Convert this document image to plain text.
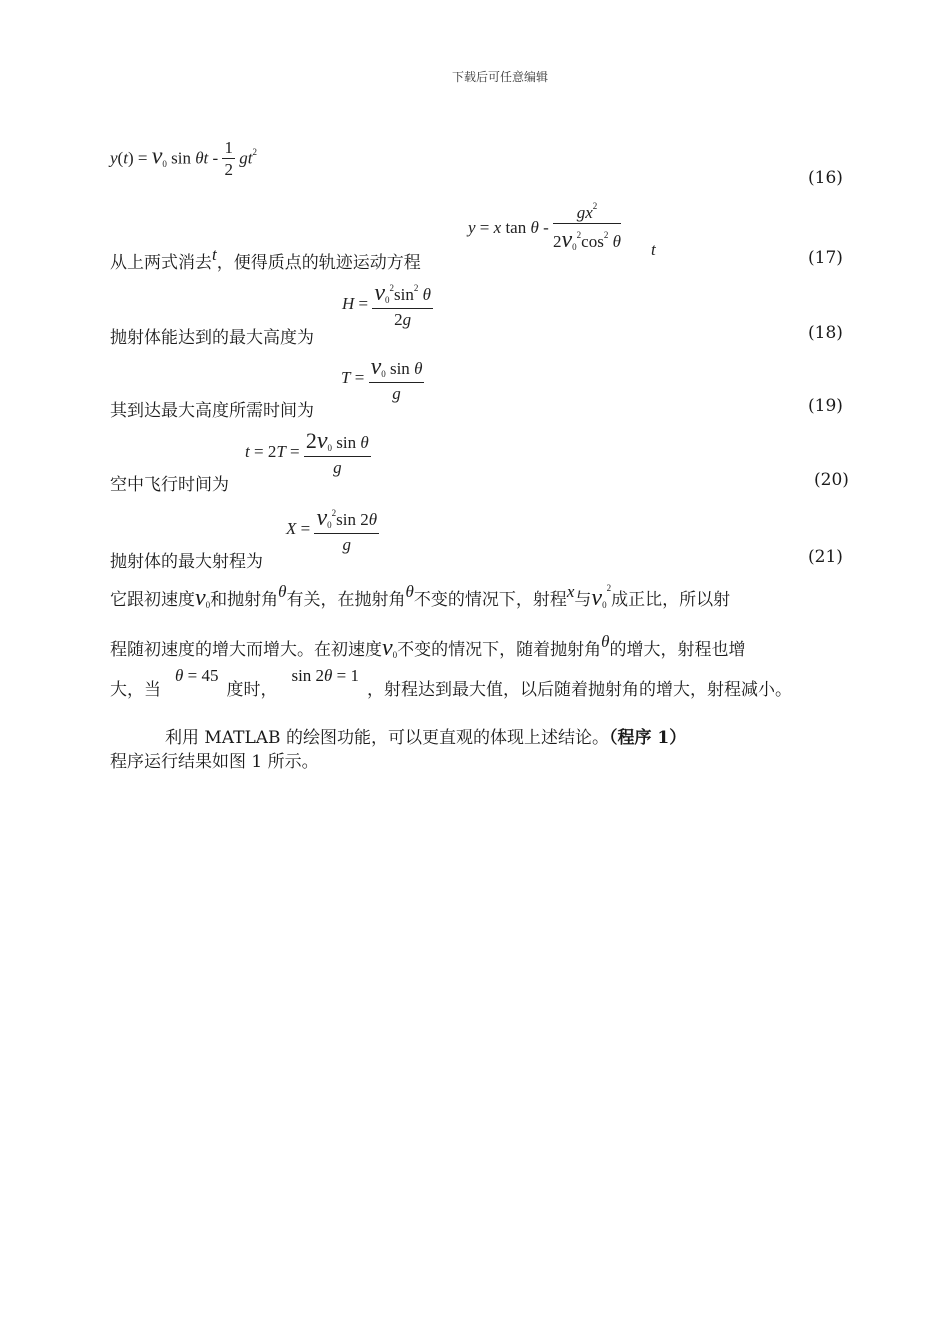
下载后可任意编辑
y(t) = v0 sin θt - $\frac{1}{2} gt^2$
(16)
y = x tan θ - $\frac{gx^2}{2v0^2\cos^2 \theta}$
从上两式消去t，便得质点的轨迹运动方程
t	(17)
$H = \frac{v0^2\sin^2 \theta}{2g}$
抛射体能达到的最大高度为	(18)
$T = \frac{\text{v0 sin θ}}{g}$
其到达最大高度所需时间为	(19)
$t = 2T = \frac{\text{2v0 sin θ}}{g}$
空中飞行时间为	(20)
$X = \frac{v0^2\sin 2\theta}{g}$
抛射体的最大射程为	(21)
它跟初速度v0和抛射角θ有关，在抛射角θ不变的情况下，射程x与$v0^2$成正比，所以射
程随初速度的增大而增大。在初速度v0不变的情况下，随着抛射角θ的增大，射程也增
大，当θ = 45度时，sin 2θ = 1，射程达到最大值，以后随着抛射角的增大，射程减小。
利用 MATLAB 的绘图功能，可以更直观的体现上述结论。（程序 1）
程序运行结果如图 1 所示。
